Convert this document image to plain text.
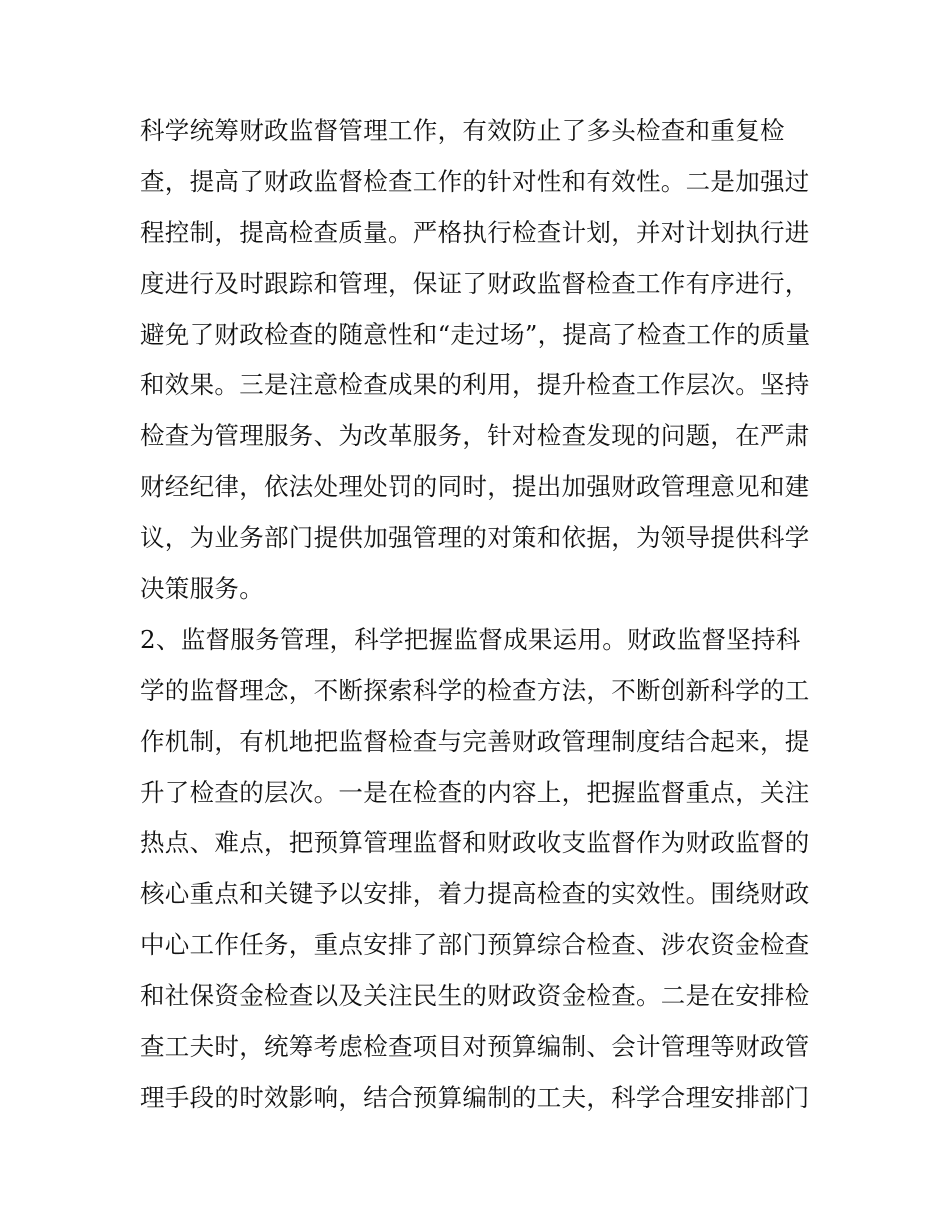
科学统筹财政监督管理工作，有效防止了多头检查和重复检
查，提高了财政监督检查工作的针对性和有效性。二是加强过
程控制，提高检查质量。严格执行检查计划，并对计划执行进
度进行及时跟踪和管理，保证了财政监督检查工作有序进行，
避免了财政检查的随意性和“走过场”，提高了检查工作的质量
和效果。三是注意检查成果的利用，提升检查工作层次。坚持
检查为管理服务、为改革服务，针对检查发现的问题，在严肃
财经纪律，依法处理处罚的同时，提出加强财政管理意见和建
议，为业务部门提供加强管理的对策和依据，为领导提供科学
决策服务。
2、监督服务管理，科学把握监督成果运用。财政监督坚持科
学的监督理念，不断探索科学的检查方法，不断创新科学的工
作机制，有机地把监督检查与完善财政管理制度结合起来，提
升了检查的层次。一是在检查的内容上，把握监督重点，关注
热点、难点，把预算管理监督和财政收支监督作为财政监督的
核心重点和关键予以安排，着力提高检查的实效性。围绕财政
中心工作任务，重点安排了部门预算综合检查、涉农资金检查
和社保资金检查以及关注民生的财政资金检查。二是在安排检
查工夫时，统筹考虑检查项目对预算编制、会计管理等财政管
理手段的时效影响，结合预算编制的工夫，科学合理安排部门
